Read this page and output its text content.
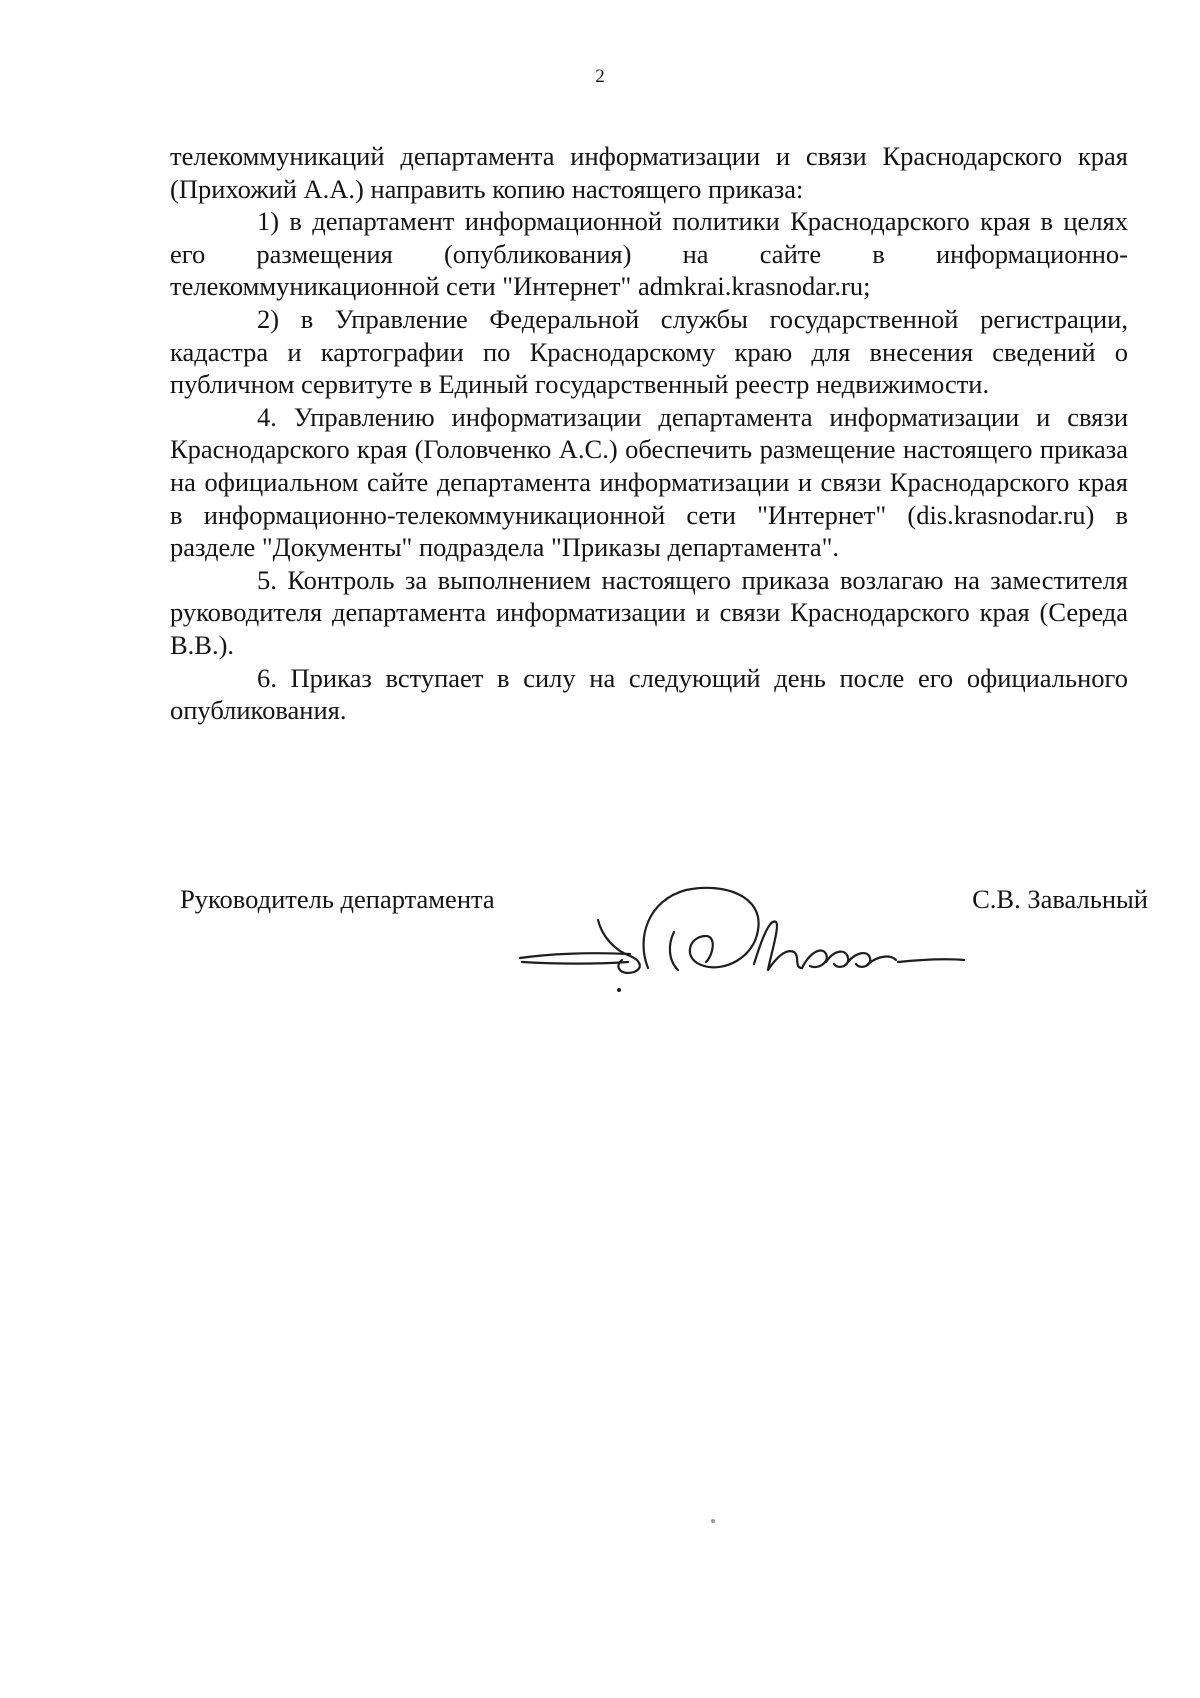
2

телекоммуникаций департамента информатизации и связи Краснодарского края (Прихожий А.А.) направить копию настоящего приказа:

1) в департамент информационной политики Краснодарского края в целях его размещения (опубликования) на сайте в информационно-телекоммуникационной сети "Интернет" admkrai.krasnodar.ru;

2) в Управление Федеральной службы государственной регистрации, кадастра и картографии по Краснодарскому краю для внесения сведений о публичном сервитуте в Единый государственный реестр недвижимости.

4. Управлению информатизации департамента информатизации и связи Краснодарского края (Головченко А.С.) обеспечить размещение настоящего приказа на официальном сайте департамента информатизации и связи Краснодарского края в информационно-телекоммуникационной сети "Интернет" (dis.krasnodar.ru) в разделе "Документы" подраздела "Приказы департамента".

5. Контроль за выполнением настоящего приказа возлагаю на заместителя руководителя департамента информатизации и связи Краснодарского края (Середа В.В.).

6. Приказ вступает в силу на следующий день после его официального опубликования.

Руководитель департамента	С.В. Завальный
